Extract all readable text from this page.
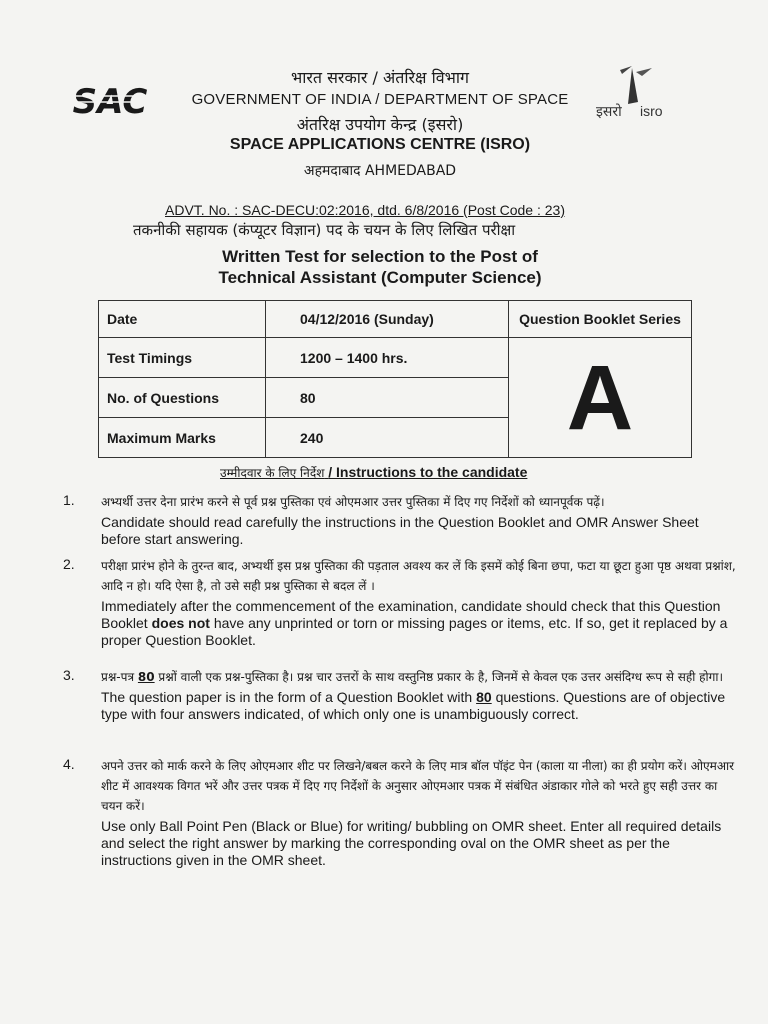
SAC	इसरो isro
भारत सरकार / अंतरिक्ष विभाग
GOVERNMENT OF INDIA / DEPARTMENT OF SPACE
अंतरिक्ष उपयोग केन्द्र (इसरो)
SPACE APPLICATIONS CENTRE (ISRO)
अहमदाबाद AHMEDABAD
ADVT. No. : SAC-DECU:02:2016, dtd. 6/8/2016 (Post Code : 23)
तकनीकी सहायक (कंप्यूटर विज्ञान) पद के चयन के लिए लिखित परीक्षा
Written Test for selection to the Post of
Technical Assistant (Computer Science)
Date	04/12/2016 (Sunday)	Question Booklet Series
Test Timings	1200 – 1400 hrs.	A
No. of Questions	80	
Maximum Marks	240	
उम्मीदवार के लिए निर्देश / Instructions to the candidate
1. अभ्यर्थी उत्तर देना प्रारंभ करने से पूर्व प्रश्न पुस्तिका एवं ओएमआर उत्तर पुस्तिका में दिए गए निर्देशों को ध्यानपूर्वक पढ़ें।
Candidate should read carefully the instructions in the Question Booklet and OMR Answer Sheet before start answering.
2. परीक्षा प्रारंभ होने के तुरन्त बाद, अभ्यर्थी इस प्रश्न पुस्तिका की पड़ताल अवश्य कर लें कि इसमें कोई बिना छपा, फटा या छूटा हुआ पृष्ठ अथवा प्रश्नांश, आदि न हो। यदि ऐसा है, तो उसे सही प्रश्न पुस्तिका से बदल लें ।
Immediately after the commencement of the examination, candidate should check that this Question Booklet does not have any unprinted or torn or missing pages or items, etc. If so, get it replaced by a proper Question Booklet.
3. प्रश्न-पत्र 80 प्रश्नों वाली एक प्रश्न-पुस्तिका है। प्रश्न चार उत्तरों के साथ वस्तुनिष्ठ प्रकार के है, जिनमें से केवल एक उत्तर असंदिग्ध रूप से सही होगा।
The question paper is in the form of a Question Booklet with 80 questions. Questions are of objective type with four answers indicated, of which only one is unambiguously correct.
4. अपने उत्तर को मार्क करने के लिए ओएमआर शीट पर लिखने/बबल करने के लिए मात्र बॉल पॉइंट पेन (काला या नीला) का ही प्रयोग करें। ओएमआर शीट में आवश्यक विगत भरें और उत्तर पत्रक में दिए गए निर्देशों के अनुसार ओएमआर पत्रक में संबंधित अंडाकार गोले को भरते हुए सही उत्तर का चयन करें।
Use only Ball Point Pen (Black or Blue) for writing/ bubbling on OMR sheet. Enter all required details and select the right answer by marking the corresponding oval on the OMR sheet as per the instructions given in the OMR sheet.
